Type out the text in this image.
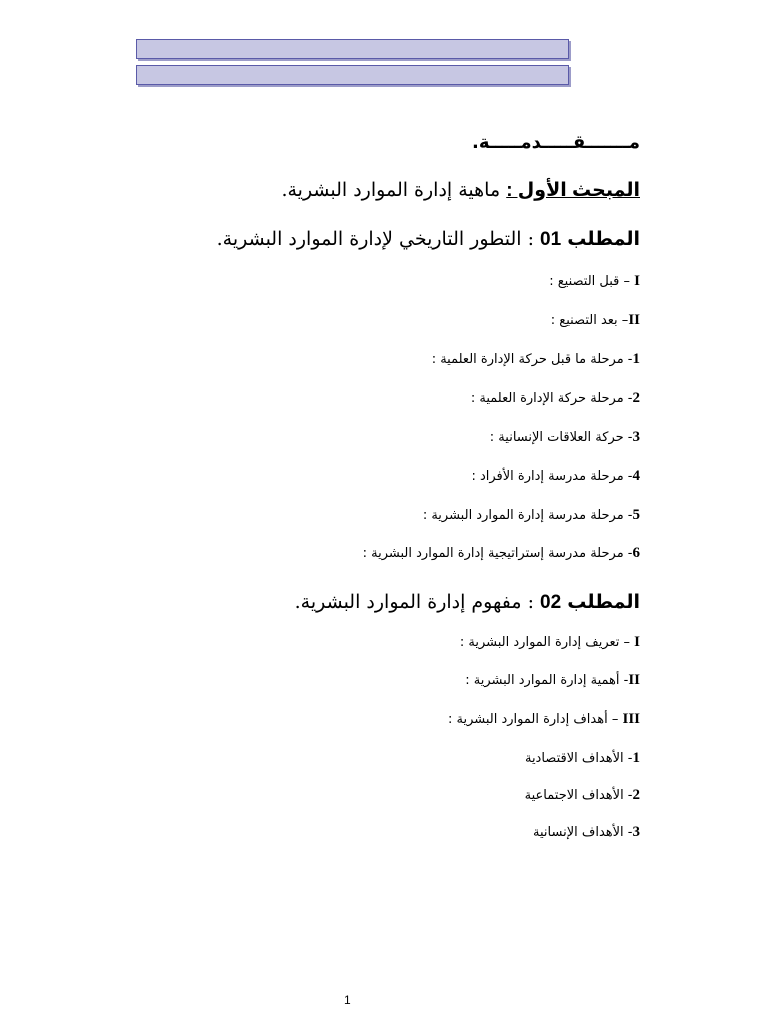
مـــــــقـــــدمـــــة.
المبحث الأول : ماهية إدارة الموارد البشرية.
المطلب 01 : التطور التاريخي لإدارة الموارد البشرية.
I – قبل التصنيع :
II– بعد التصنيع :
1- مرحلة ما قبل حركة الإدارة العلمية :
2- مرحلة حركة الإدارة العلمية :
3- حركة العلاقات الإنسانية :
4- مرحلة مدرسة إدارة الأفراد :
5- مرحلة مدرسة إدارة الموارد البشرية :
6- مرحلة مدرسة إستراتيجية إدارة الموارد البشرية :
المطلب 02 : مفهوم إدارة الموارد البشرية.
I – تعريف إدارة الموارد البشرية :
II- أهمية إدارة الموارد البشرية :
III – أهداف إدارة الموارد البشرية :
1- الأهداف الاقتصادية
2- الأهداف الاجتماعية
3- الأهداف الإنسانية
1
